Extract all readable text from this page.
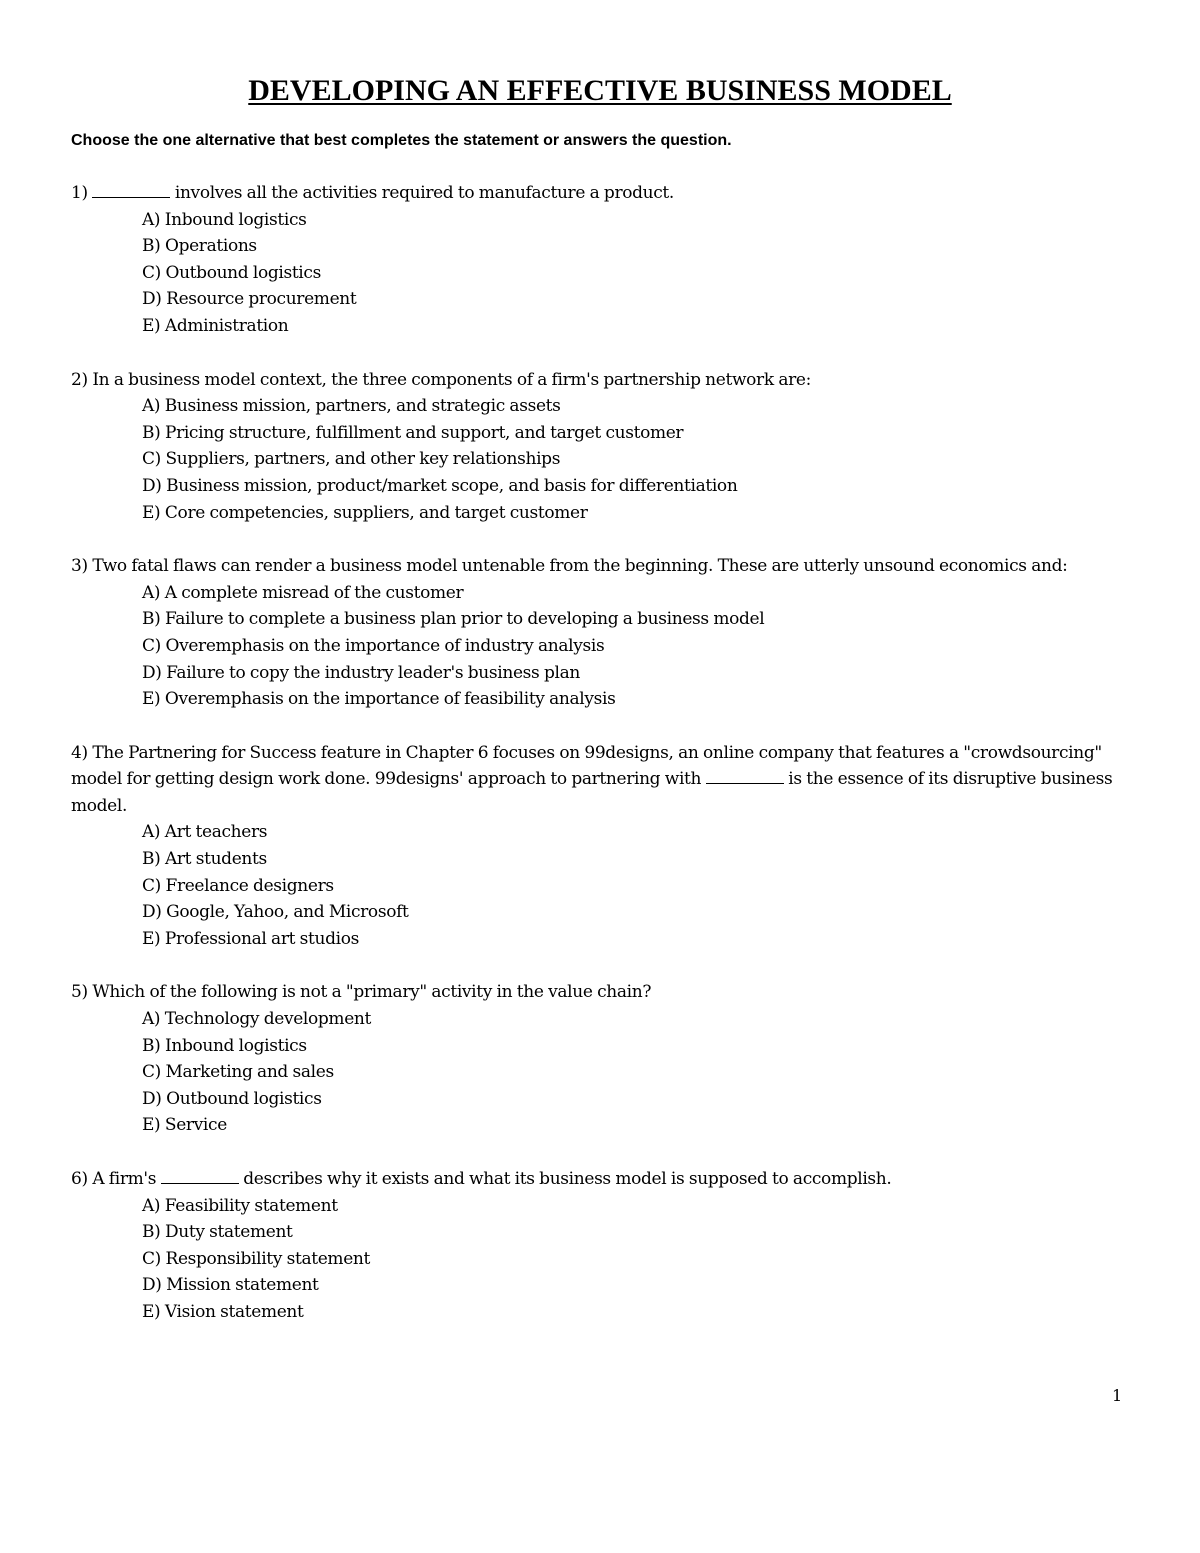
DEVELOPING AN EFFECTIVE BUSINESS MODEL
Choose the one alternative that best completes the statement or answers the question.
1)	involves all the activities required to manufacture a product.
A) Inbound logistics
B) Operations
C) Outbound logistics
D) Resource procurement
E) Administration
2) In a business model context, the three components of a firm's partnership network are:
A) Business mission, partners, and strategic assets
B) Pricing structure, fulfillment and support, and target customer
C) Suppliers, partners, and other key relationships
D) Business mission, product/market scope, and basis for differentiation
E) Core competencies, suppliers, and target customer
3) Two fatal flaws can render a business model untenable from the beginning. These are utterly unsound economics and:
A) A complete misread of the customer
B) Failure to complete a business plan prior to developing a business model
C) Overemphasis on the importance of industry analysis
D) Failure to copy the industry leader's business plan
E) Overemphasis on the importance of feasibility analysis
4) The Partnering for Success feature in Chapter 6 focuses on 99designs, an online company that features a "crowdsourcing" model for getting design work done. 99designs' approach to partnering with	is the essence of its disruptive business model.
A) Art teachers
B) Art students
C) Freelance designers
D) Google, Yahoo, and Microsoft
E) Professional art studios
5) Which of the following is not a "primary" activity in the value chain?
A) Technology development
B) Inbound logistics
C) Marketing and sales
D) Outbound logistics
E) Service
6) A firm's	describes why it exists and what its business model is supposed to accomplish.
A) Feasibility statement
B) Duty statement
C) Responsibility statement
D) Mission statement
E) Vision statement
1
